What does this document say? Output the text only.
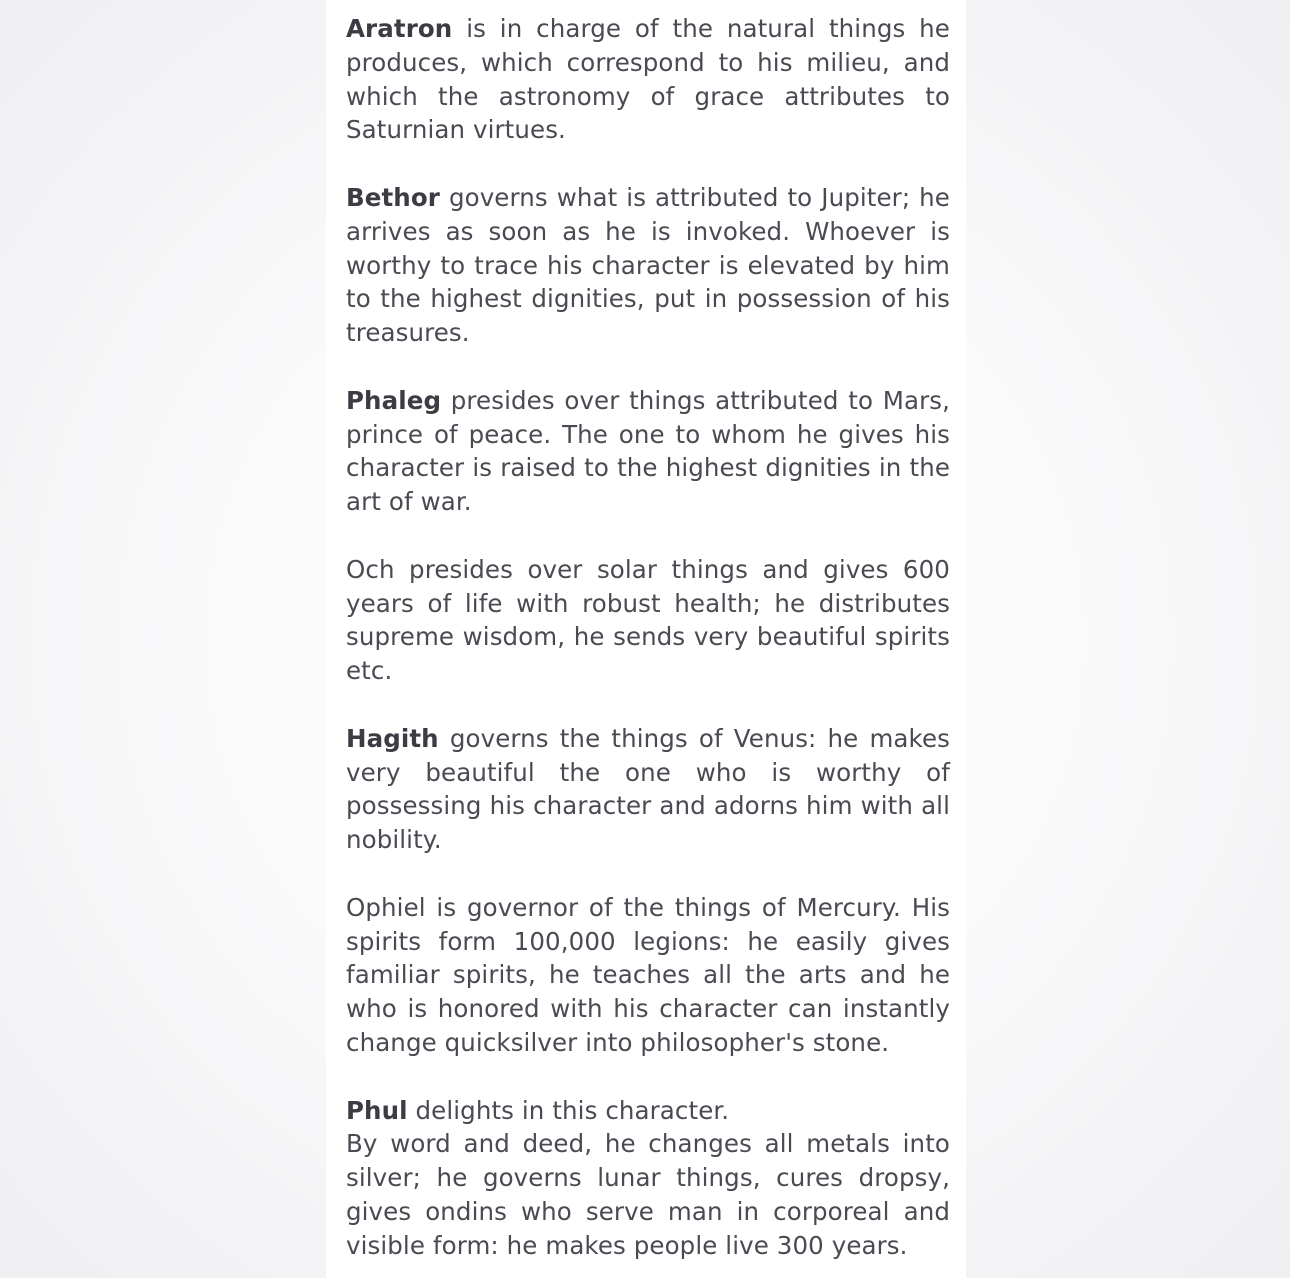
Aratron is in charge of the natural things he produces, which correspond to his milieu, and which the astronomy of grace attributes to Saturnian virtues.

Bethor governs what is attributed to Jupiter; he arrives as soon as he is invoked. Whoever is worthy to trace his character is elevated by him to the highest dignities, put in possession of his treasures.

Phaleg presides over things attributed to Mars, prince of peace. The one to whom he gives his character is raised to the highest dignities in the art of war.

Och presides over solar things and gives 600 years of life with robust health; he distributes supreme wisdom, he sends very beautiful spirits etc.

Hagith governs the things of Venus: he makes very beautiful the one who is worthy of possessing his character and adorns him with all nobility.

Ophiel is governor of the things of Mercury. His spirits form 100,000 legions: he easily gives familiar spirits, he teaches all the arts and he who is honored with his character can instantly change quicksilver into philosopher's stone.

Phul delights in this character.
By word and deed, he changes all metals into silver; he governs lunar things, cures dropsy, gives ondins who serve man in corporeal and visible form: he makes people live 300 years.
